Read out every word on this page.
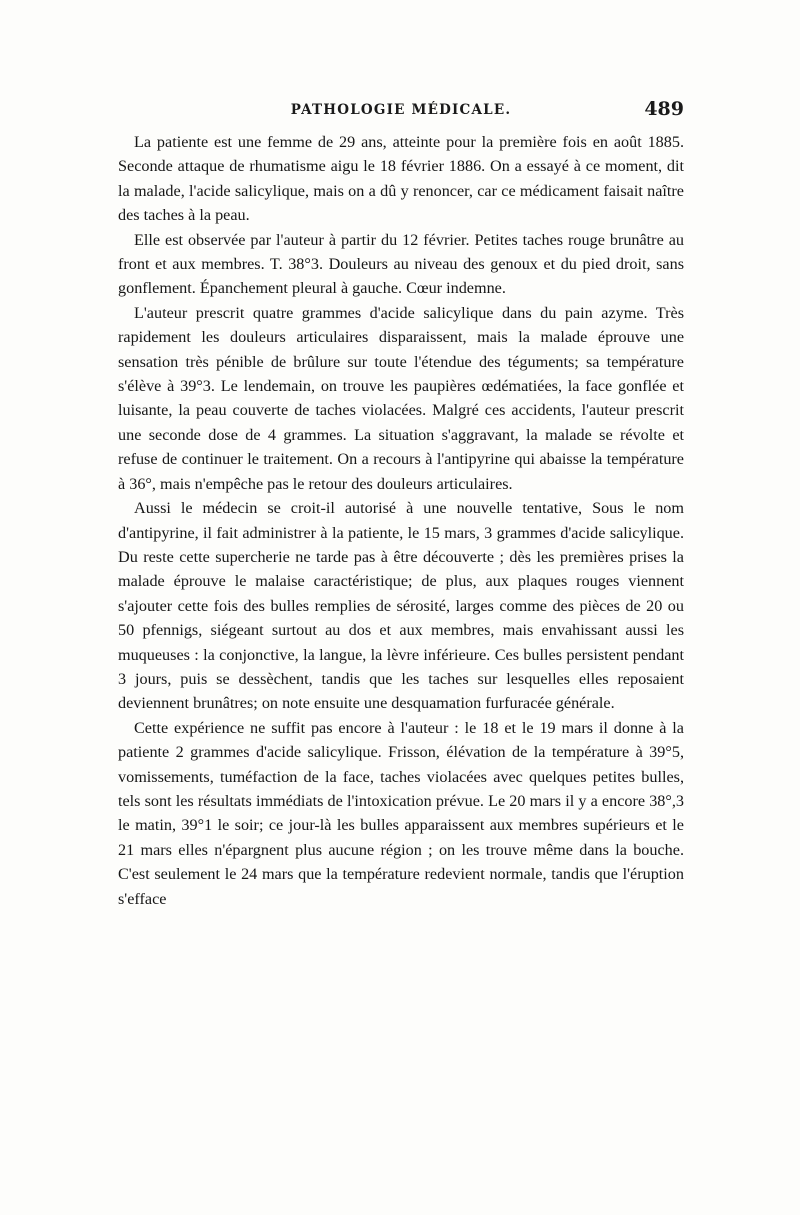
PATHOLOGIE MÉDICALE.	489

La patiente est une femme de 29 ans, atteinte pour la première fois en août 1885. Seconde attaque de rhumatisme aigu le 18 février 1886. On a essayé à ce moment, dit la malade, l'acide salicylique, mais on a dû y renoncer, car ce médicament faisait naître des taches à la peau.

Elle est observée par l'auteur à partir du 12 février. Petites taches rouge brunâtre au front et aux membres. T. 38°3. Douleurs au niveau des genoux et du pied droit, sans gonflement. Épanchement pleural à gauche. Cœur indemne.

L'auteur prescrit quatre grammes d'acide salicylique dans du pain azyme. Très rapidement les douleurs articulaires disparaissent, mais la malade éprouve une sensation très pénible de brûlure sur toute l'étendue des téguments; sa température s'élève à 39°3. Le lendemain, on trouve les paupières œdématiées, la face gonflée et luisante, la peau couverte de taches violacées. Malgré ces accidents, l'auteur prescrit une seconde dose de 4 grammes. La situation s'aggravant, la malade se révolte et refuse de continuer le traitement. On a recours à l'antipyrine qui abaisse la température à 36°, mais n'empêche pas le retour des douleurs articulaires.

Aussi le médecin se croit-il autorisé à une nouvelle tentative, Sous le nom d'antipyrine, il fait administrer à la patiente, le 15 mars, 3 grammes d'acide salicylique. Du reste cette supercherie ne tarde pas à être découverte ; dès les premières prises la malade éprouve le malaise caractéristique; de plus, aux plaques rouges viennent s'ajouter cette fois des bulles remplies de sérosité, larges comme des pièces de 20 ou 50 pfennigs, siégeant surtout au dos et aux membres, mais envahissant aussi les muqueuses : la conjonctive, la langue, la lèvre inférieure. Ces bulles persistent pendant 3 jours, puis se dessèchent, tandis que les taches sur lesquelles elles reposaient deviennent brunâtres; on note ensuite une desquamation furfuracée générale.

Cette expérience ne suffit pas encore à l'auteur : le 18 et le 19 mars il donne à la patiente 2 grammes d'acide salicylique. Frisson, élévation de la température à 39°5, vomissements, tuméfaction de la face, taches violacées avec quelques petites bulles, tels sont les résultats immédiats de l'intoxication prévue. Le 20 mars il y a encore 38°,3 le matin, 39°1 le soir; ce jour-là les bulles apparaissent aux membres supérieurs et le 21 mars elles n'épargnent plus aucune région ; on les trouve même dans la bouche. C'est seulement le 24 mars que la température redevient normale, tandis que l'éruption s'efface
